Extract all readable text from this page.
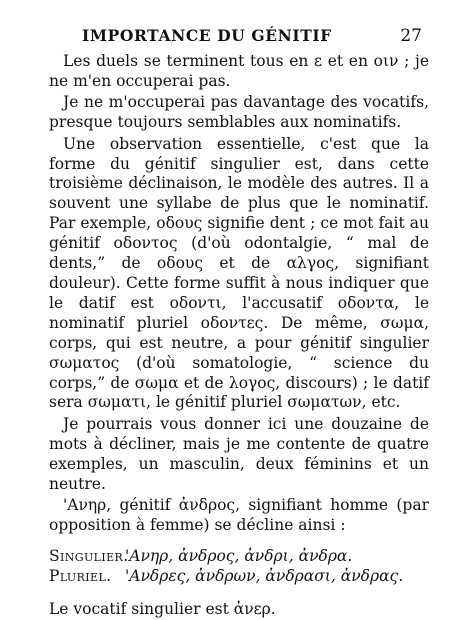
IMPORTANCE DU GÉNITIF	27

Les duels se terminent tous en ε et en οιν ; je ne m'en occuperai pas.

Je ne m'occuperai pas davantage des vocatifs, presque toujours semblables aux nominatifs.

Une observation essentielle, c'est que la forme du génitif singulier est, dans cette troisième déclinaison, le modèle des autres. Il a souvent une syllabe de plus que le nominatif. Par exemple, οδους signifie dent ; ce mot fait au génitif οδοντος (d'où odontalgie, “ mal de dents,” de οδους et de αλγος, signifiant douleur). Cette forme suffit à nous indiquer que le datif est οδοντι, l'accusatif οδοντα, le nominatif pluriel οδοντες. De même, σωμα, corps, qui est neutre, a pour génitif singulier σωματος (d'où somatologie, “ science du corps,” de σωμα et de λογος, discours) ; le datif sera σωματι, le génitif pluriel σωματων, etc.

Je pourrais vous donner ici une douzaine de mots à décliner, mais je me contente de quatre exemples, un masculin, deux féminins et un neutre.

'Ανηρ, génitif ἀνδρος, signifiant homme (par opposition à femme) se décline ainsi :

Singulier.
'Ανηρ, ἀνδρος, ἀνδρι, ἀνδρα.
Pluriel. 'Ανδρες, ἀνδρων, ἀνδρασι, ἀνδρας.

Le vocatif singulier est ἀνερ.
